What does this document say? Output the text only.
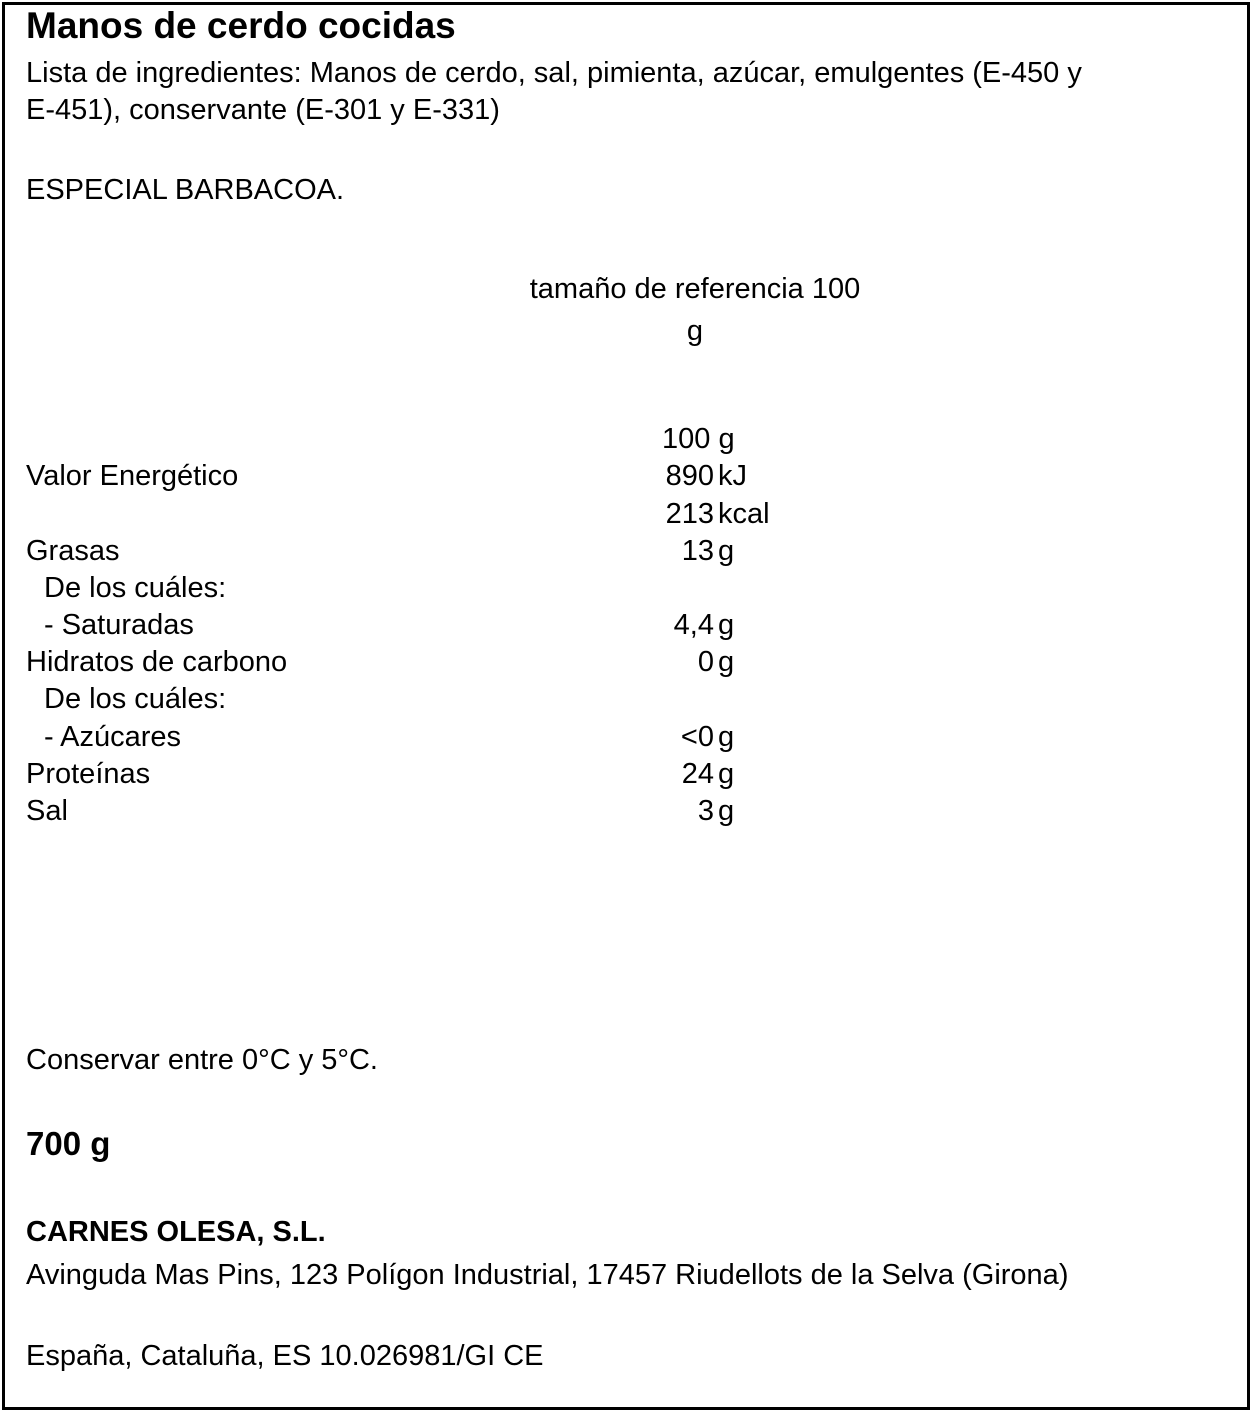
Manos de cerdo cocidas
Lista de ingredientes: Manos de cerdo, sal, pimienta, azúcar, emulgentes (E-450 y
E-451), conservante (E-301 y E-331)
ESPECIAL BARBACOA.
tamaño de referencia 100
g
100 g
Valor Energético	890 kJ
213 kcal
Grasas	13 g
De los cuáles:
- Saturadas	4,4 g
Hidratos de carbono	0 g
De los cuáles:
- Azúcares	<0 g
Proteínas	24 g
Sal	3 g
Conservar entre 0°C y 5°C.
700 g
CARNES OLESA, S.L.
Avinguda Mas Pins, 123 Polígon Industrial, 17457 Riudellots de la Selva (Girona)
España, Cataluña, ES 10.026981/GI CE
